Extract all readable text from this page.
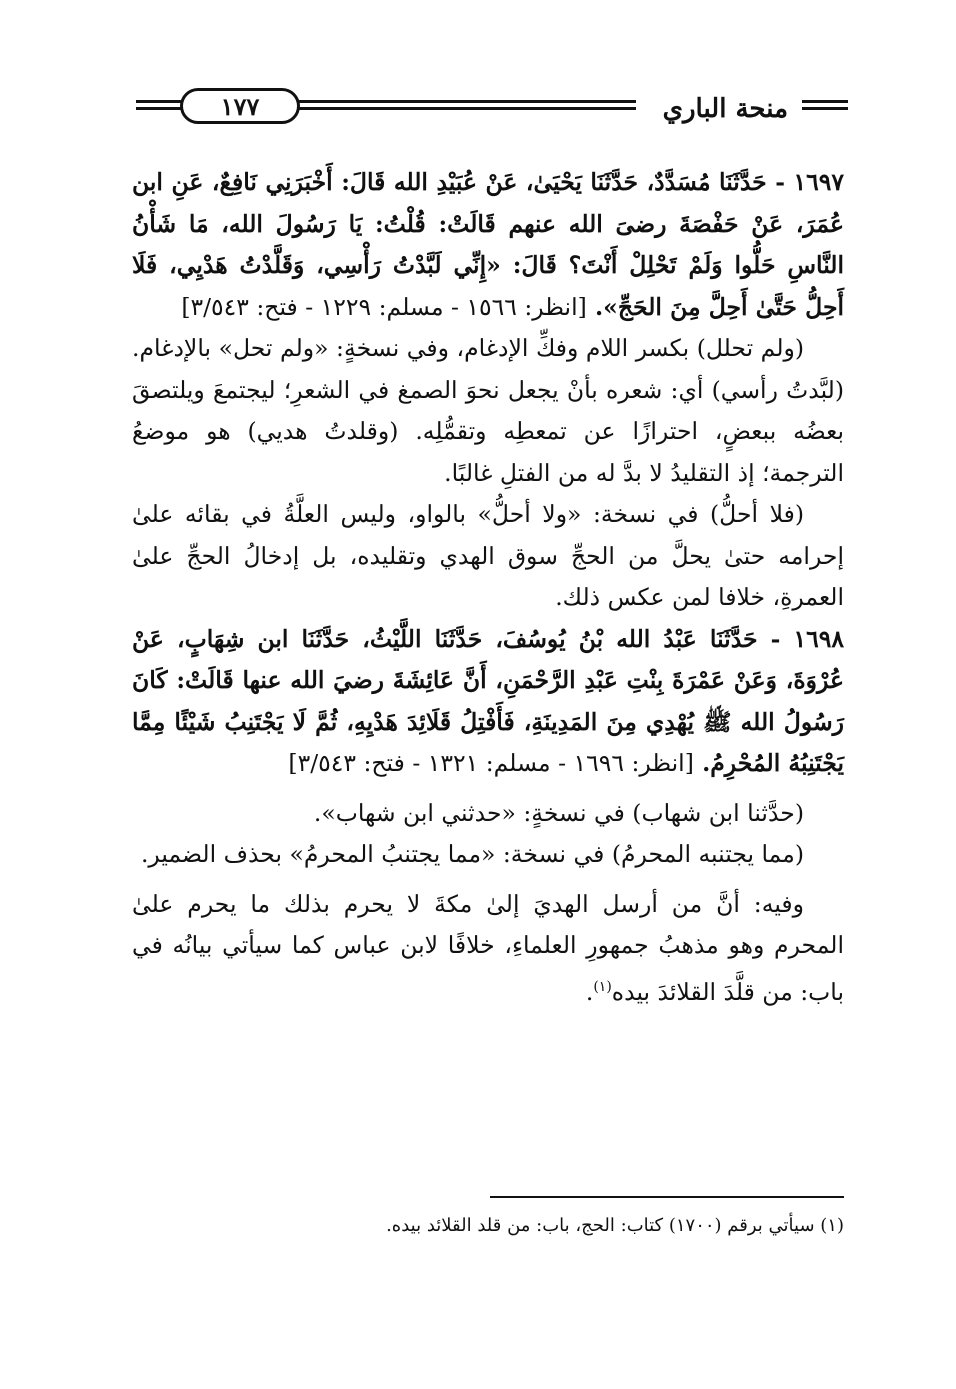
منحة الباري
١٧٧

١٦٩٧ - حَدَّثَنَا مُسَدَّدٌ، حَدَّثَنَا يَحْيَىٰ، عَنْ عُبَيْدِ الله قَالَ: أَخْبَرَنِي نَافِعٌ، عَنِ ابن عُمَرَ، عَنْ حَفْصَةَ رضىَ الله عنهم قَالَتْ: قُلْتُ: يَا رَسُولَ الله، مَا شَأْنُ النَّاسِ حَلُّوا وَلَمْ تَحْلِلْ أَنْتَ؟ قَالَ: «إِنِّي لَبَّدْتُ رَأْسِي، وَقَلَّدْتُ هَدْيِي، فَلَا أَحِلُّ حَتَّىٰ أَحِلَّ مِنَ الحَجِّ». [انظر: ١٥٦٦ - مسلم: ١٢٢٩ - فتح: ٣/٥٤٣]

(ولم تحلل) بكسر اللام وفكِّ الإدغام، وفي نسخةٍ: «ولم تحل» بالإدغام. (لبَّدتُ رأسي) أي: شعره بأنْ يجعل نحوَ الصمغ في الشعرِ؛ ليجتمعَ ويلتصقَ بعضُه ببعضٍ، احترازًا عن تمعطِه وتقمُّلِه. (وقلدتُ هديي) هو موضعُ الترجمة؛ إذ التقليدُ لا بدَّ له من الفتلِ غالبًا.

(فلا أحلُّ) في نسخة: «ولا أحلُّ» بالواو، وليس العلَّةُ في بقائه علىٰ إحرامه حتىٰ يحلَّ من الحجِّ سوق الهدي وتقليده، بل إدخالُ الحجِّ علىٰ العمرةِ، خلافا لمن عكس ذلك.

١٦٩٨ - حَدَّثَنَا عَبْدُ الله بْنُ يُوسُفَ، حَدَّثَنَا اللَّيْثُ، حَدَّثَنَا ابن شِهَابٍ، عَنْ عُرْوَةَ، وَعَنْ عَمْرَةَ بِنْتِ عَبْدِ الرَّحْمَنِ، أَنَّ عَائِشَةَ رضيَ الله عنها قَالَتْ: كَانَ رَسُولُ الله ﷺ يُهْدِي مِنَ المَدِينَةِ، فَأَفْتِلُ قَلَائِدَ هَدْيِهِ، ثُمَّ لَا يَجْتَنِبُ شَيْئًا مِمَّا يَجْتَنِبُهُ المُحْرِمُ. [انظر: ١٦٩٦ - مسلم: ١٣٢١ - فتح: ٣/٥٤٣]

(حدَّثنا ابن شهاب) في نسخةٍ: «حدثني ابن شهاب».

(مما يجتنبه المحرمُ) في نسخة: «مما يجتنبُ المحرمُ» بحذف الضمير.

وفيه: أنَّ من أرسل الهديَ إلىٰ مكةَ لا يحرم بذلك ما يحرم علىٰ المحرم وهو مذهبُ جمهورِ العلماءِ، خلافًا لابن عباس كما سيأتي بيانُه في باب: من قلَّدَ القلائدَ بيده$^{(١)}$.

(١) سيأتي برقم (١٧٠٠) كتاب: الحج، باب: من قلد القلائد بيده.
